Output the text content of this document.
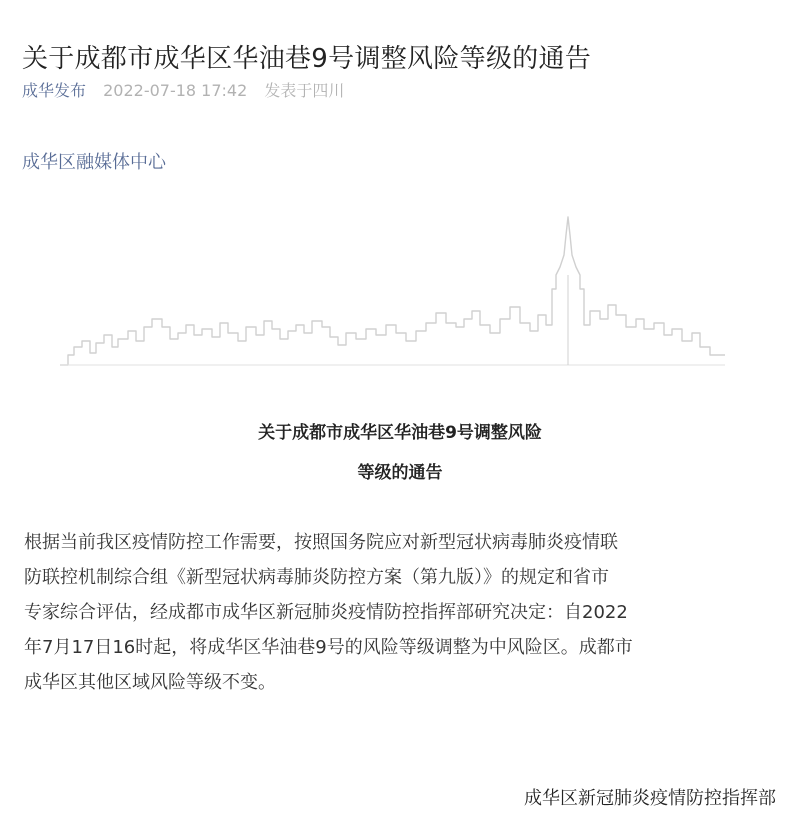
关于成都市成华区华油巷9号调整风险等级的通告
成华发布 2022-07-18 17:42 发表于四川
成华区融媒体中心
关于成都市成华区华油巷9号调整风险
等级的通告
根据当前我区疫情防控工作需要，按照国务院应对新型冠状病毒肺炎疫情联
防联控机制综合组《新型冠状病毒肺炎防控方案（第九版）》的规定和省市
专家综合评估，经成都市成华区新冠肺炎疫情防控指挥部研究决定：自2022
年7月17日16时起，将成华区华油巷9号的风险等级调整为中风险区。成都市
成华区其他区域风险等级不变。
成华区新冠肺炎疫情防控指挥部
